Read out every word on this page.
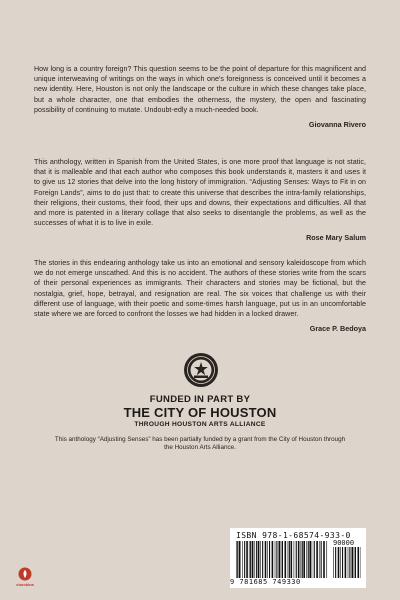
How long is a country foreign? This question seems to be the point of departure for this magnificent and unique interweaving of writings on the ways in which one's foreignness is conceived until it becomes a new identity. Here, Houston is not only the landscape or the culture in which these changes take place, but a whole character, one that embodies the otherness, the mystery, the open and fascinating possibility of continuing to mutate. Undoubt-edly a much-needed book.

Giovanna Rivero

This anthology, written in Spanish from the United States, is one more proof that language is not static, that it is malleable and that each author who composes this book understands it, masters it and uses it to give us 12 stories that delve into the long history of immigration. “Adjusting Senses: Ways to Fit in on Foreign Lands”, aims to do just that: to create this universe that describes the intra-family relationships, their religions, their customs, their food, their ups and downs, their expectations and difficulties. All that and more is patented in a literary collage that also seeks to disentangle the problems, as well as the successes of what it is to live in exile.

Rose Mary Salum

The stories in this endearing anthology take us into an emotional and sensory kaleidoscope from which we do not emerge unscathed. And this is no accident. The authors of these stories write from the scars of their personal experiences as immigrants. Their characters and stories may be fictional, but the nostalgia, grief, hope, betrayal, and resignation are real. The six voices that challenge us with their different use of language, with their poetic and some-times harsh language, put us in an uncomfortable state where we are forced to confront the losses we had hidden in a locked drawer.

Grace P. Bedoya
FUNDED IN PART BY
THE CITY OF HOUSTON
THROUGH HOUSTON ARTS ALLIANCE
This anthology “Adjusting Senses” has been partially funded by a grant from the City of Houston through the Houston Arts Alliance.
ISBN 978-1-68574-933-0
90000
9 781685 749330
ebookina
